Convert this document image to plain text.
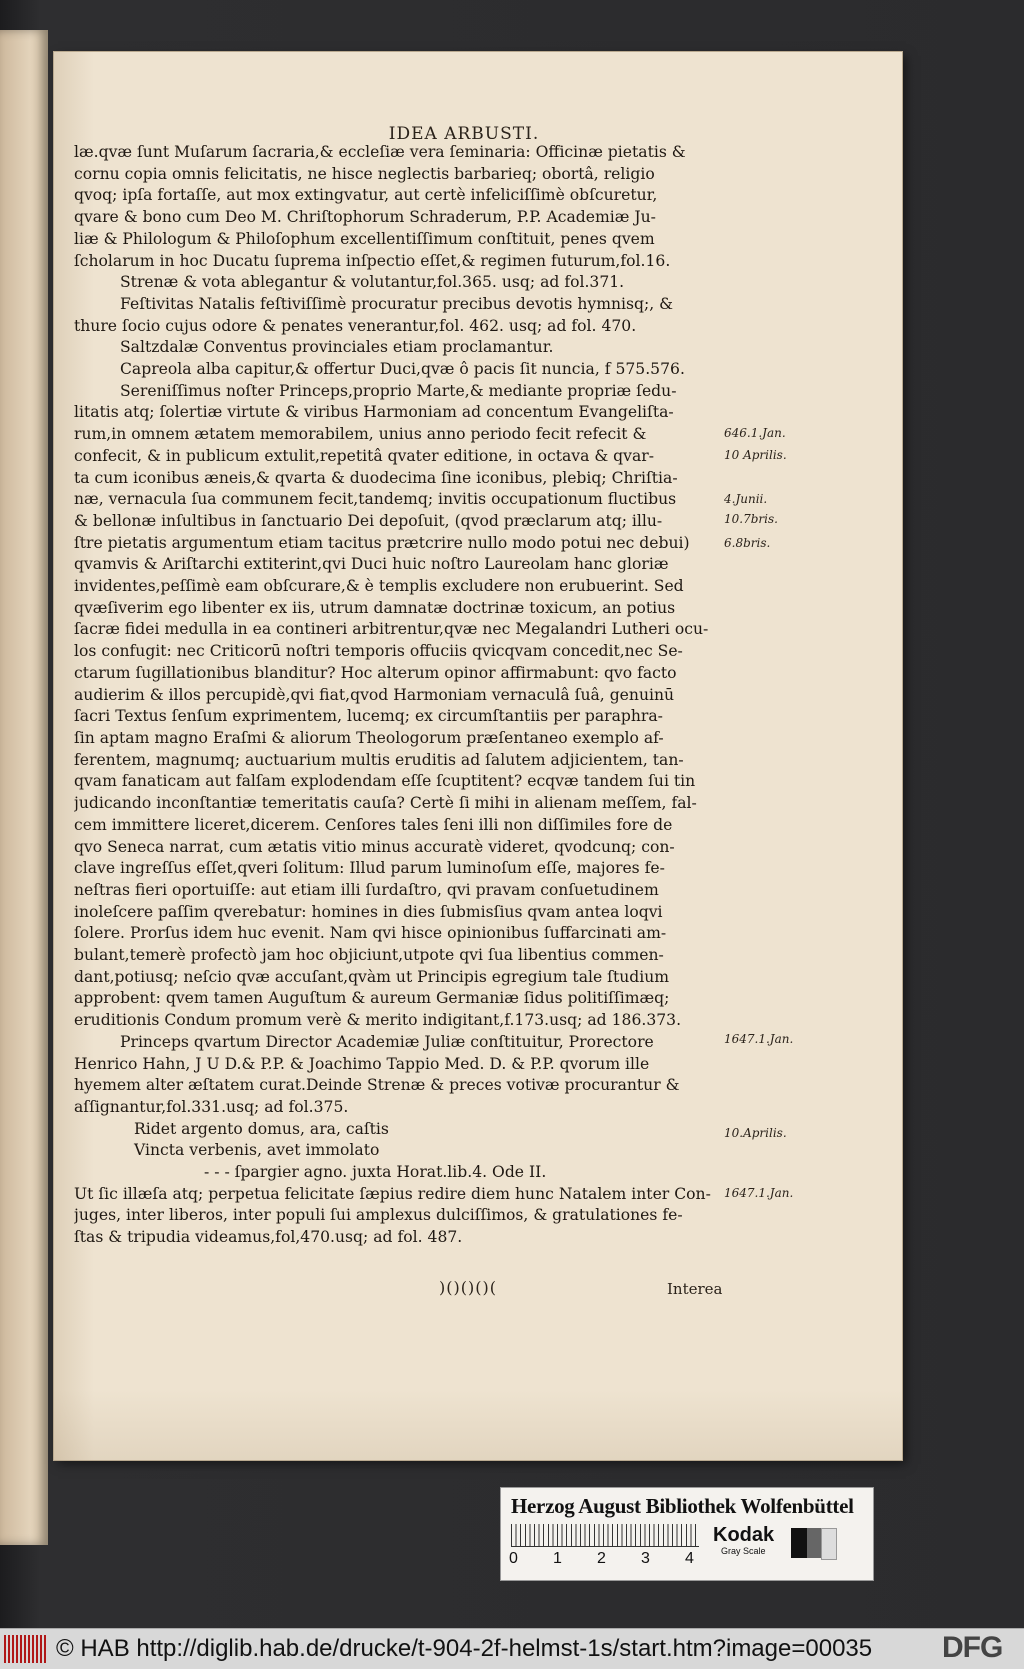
IDEA ARBUSTI.
læ.qvæ ſunt Muſarum ſacraria,& eccleſiæ vera ſeminaria: Officinæ pietatis &
cornu copia omnis felicitatis, ne hisce neglectis barbarieq; obortâ, religio
qvoq; ipſa fortaſſe, aut mox extingvatur, aut certè infeliciſſimè obſcuretur,
qvare & bono cum Deo M. Chriſtophorum Schraderum, P.P. Academiæ Ju-
liæ & Philologum & Philoſophum excellentiſſimum conſtituit, penes qvem
ſcholarum in hoc Ducatu ſuprema inſpectio eſſet,& regimen futurum,fol.16.
Strenæ & vota ablegantur & volutantur,fol.365. usq; ad fol.371.
Feſtivitas Natalis feſtiviſſimè procuratur precibus devotis hymnisq;, &
thure ſocio cujus odore & penates venerantur,fol. 462. usq; ad fol. 470.
Saltzdalæ Conventus provinciales etiam proclamantur.
Capreola alba capitur,& offertur Duci,qvæ ô pacis ſit nuncia, f 575.576.
Sereniſſimus noſter Princeps,proprio Marte,& mediante propriæ ſedu-
litatis atq; ſolertiæ virtute & viribus Harmoniam ad concentum Evangeliſta-
rum,in omnem ætatem memorabilem, unius anno periodo fecit refecit &
confecit, & in publicum extulit,repetitâ qvater editione, in octava & qvar-
ta cum iconibus æneis,& qvarta & duodecima ſine iconibus, plebiq; Chriſtia-
næ, vernacula ſua communem fecit,tandemq; invitis occupationum fluctibus
& bellonæ inſultibus in ſanctuario Dei depoſuit, (qvod præclarum atq; illu-
ſtre pietatis argumentum etiam tacitus prætcrire nullo modo potui nec debui)
qvamvis & Ariſtarchi extiterint,qvi Duci huic noſtro Laureolam hanc gloriæ
invidentes,peſſimè eam obſcurare,& è templis excludere non erubuerint. Sed
qvæſiverim ego libenter ex iis, utrum damnatæ doctrinæ toxicum, an potius
ſacræ fidei medulla in ea contineri arbitrentur,qvæ nec Megalandri Lutheri ocu-
los confugit: nec Criticorū noſtri temporis offuciis qvicqvam concedit,nec Se-
ctarum ſugillationibus blanditur? Hoc alterum opinor affirmabunt: qvo facto
audierim & illos percupidè,qvi fiat,qvod Harmoniam vernaculâ ſuâ, genuinū
ſacri Textus ſenſum exprimentem, lucemq; ex circumſtantiis per paraphra-
ſin aptam magno Eraſmi & aliorum Theologorum præſentaneo exemplo af-
ferentem, magnumq; auctuarium multis eruditis ad ſalutem adjicientem, tan-
qvam fanaticam aut falſam explodendam eſſe ſcuptitent? ecqvæ tandem ſui tin
judicando inconſtantiæ temeritatis cauſa? Certè ſi mihi in alienam meſſem, fal-
cem immittere liceret,dicerem. Cenſores tales ſeni illi non diſſimiles fore de
qvo Seneca narrat, cum ætatis vitio minus accuratè videret, qvodcunq; con-
clave ingreſſus eſſet,qveri ſolitum: Illud parum luminoſum eſſe, majores fe-
neſtras fieri oportuiſſe: aut etiam illi ſurdaſtro, qvi pravam conſuetudinem
inoleſcere paſſim qverebatur: homines in dies ſubmisſius qvam antea loqvi
ſolere. Prorſus idem huc evenit. Nam qvi hisce opinionibus ſuffarcinati am-
bulant,temerè profectò jam hoc objiciunt,utpote qvi ſua libentius commen-
dant,potiusq; neſcio qvæ accuſant,qvàm ut Principis egregium tale ſtudium
approbent: qvem tamen Auguſtum & aureum Germaniæ ſidus politiſſimæq;
eruditionis Condum promum verè & merito indigitant,f.173.usq; ad 186.373.
Princeps qvartum Director Academiæ Juliæ conſtituitur, Prorectore
Henrico Hahn, J U D.& P.P. & Joachimo Tappio Med. D. & P.P. qvorum ille
hyemem alter æſtatem curat.Deinde Strenæ & preces votivæ procurantur &
aſſignantur,fol.331.usq; ad fol.375.
Ridet argento domus, ara, caſtis
Vincta verbenis, avet immolato
- - - ſpargier agno. juxta Horat.lib.4. Ode II.
Ut ſic illæſa atq; perpetua felicitate ſæpius redire diem hunc Natalem inter Con-
juges, inter liberos, inter populi ſui amplexus dulciſſimos, & gratulationes fe-
ſtas & tripudia videamus,fol,470.usq; ad fol. 487.
646.1.Jan.
10 Aprilis.
4.Junii.
10.7bris.
6.8bris.
1647.1.Jan.
10.Aprilis.
1647.1.Jan.
)()()()(	Interea
Herzog August Bibliothek Wolfenbüttel
0 1 2 3 4
Kodak
Gray Scale
© HAB http://diglib.hab.de/drucke/t-904-2f-helmst-1s/start.htm?image=00035 DFG
